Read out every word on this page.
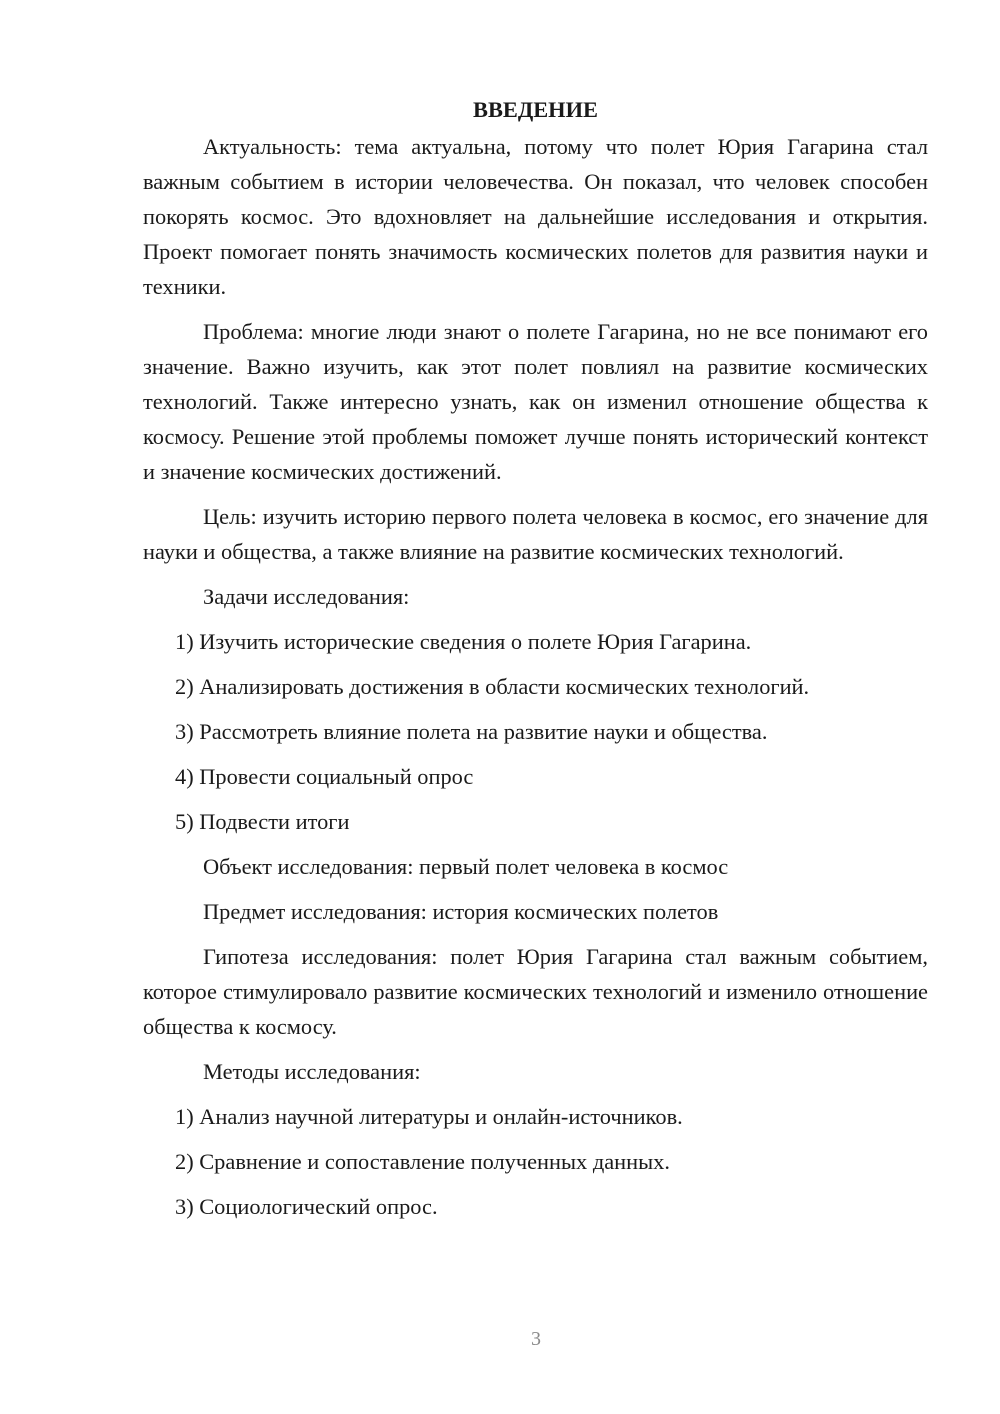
ВВЕДЕНИЕ

Актуальность: тема актуальна, потому что полет Юрия Гагарина стал важным событием в истории человечества. Он показал, что человек способен покорять космос. Это вдохновляет на дальнейшие исследования и открытия. Проект помогает понять значимость космических полетов для развития науки и техники.

Проблема: многие люди знают о полете Гагарина, но не все понимают его значение. Важно изучить, как этот полет повлиял на развитие космических технологий. Также интересно узнать, как он изменил отношение общества к космосу. Решение этой проблемы поможет лучше понять исторический контекст и значение космических достижений.

Цель: изучить историю первого полета человека в космос, его значение для науки и общества, а также влияние на развитие космических технологий.

Задачи исследования:
1) Изучить исторические сведения о полете Юрия Гагарина.
2) Анализировать достижения в области космических технологий.
3) Рассмотреть влияние полета на развитие науки и общества.
4) Провести социальный опрос
5) Подвести итоги
Объект исследования: первый полет человека в космос
Предмет исследования: история космических полетов

Гипотеза исследования: полет Юрия Гагарина стал важным событием, которое стимулировало развитие космических технологий и изменило отношение общества к космосу.

Методы исследования:
1) Анализ научной литературы и онлайн-источников.
2) Сравнение и сопоставление полученных данных.
3) Социологический опрос.
3
